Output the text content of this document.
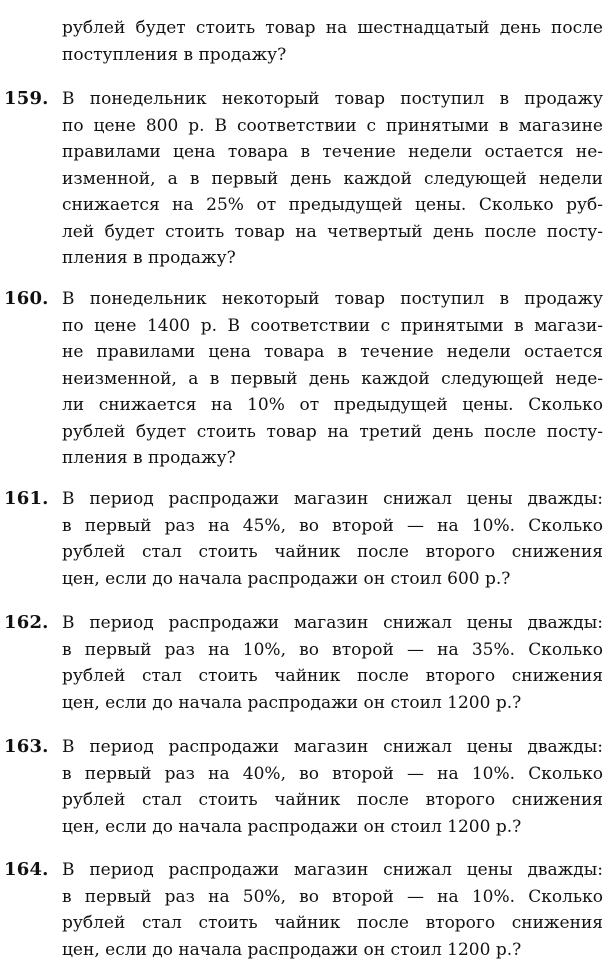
рублей будет стоить товар на шестнадцатый день после
поступления в продажу?
159. В понедельник некоторый товар поступил в продажу
по цене 800 р. В соответствии с принятыми в магазине
правилами цена товара в течение недели остается не-
изменной, а в первый день каждой следующей недели
снижается на 25% от предыдущей цены. Сколько руб-
лей будет стоить товар на четвертый день после посту-
пления в продажу?
160. В понедельник некоторый товар поступил в продажу
по цене 1400 р. В соответствии с принятыми в магази-
не правилами цена товара в течение недели остается
неизменной, а в первый день каждой следующей неде-
ли снижается на 10% от предыдущей цены. Сколько
рублей будет стоить товар на третий день после посту-
пления в продажу?
161. В период распродажи магазин снижал цены дважды:
в первый раз на 45%, во второй — на 10%. Сколько
рублей стал стоить чайник после второго снижения
цен, если до начала распродажи он стоил 600 р.?
162. В период распродажи магазин снижал цены дважды:
в первый раз на 10%, во второй — на 35%. Сколько
рублей стал стоить чайник после второго снижения
цен, если до начала распродажи он стоил 1200 р.?
163. В период распродажи магазин снижал цены дважды:
в первый раз на 40%, во второй — на 10%. Сколько
рублей стал стоить чайник после второго снижения
цен, если до начала распродажи он стоил 1200 р.?
164. В период распродажи магазин снижал цены дважды:
в первый раз на 50%, во второй — на 10%. Сколько
рублей стал стоить чайник после второго снижения
цен, если до начала распродажи он стоил 1200 р.?
